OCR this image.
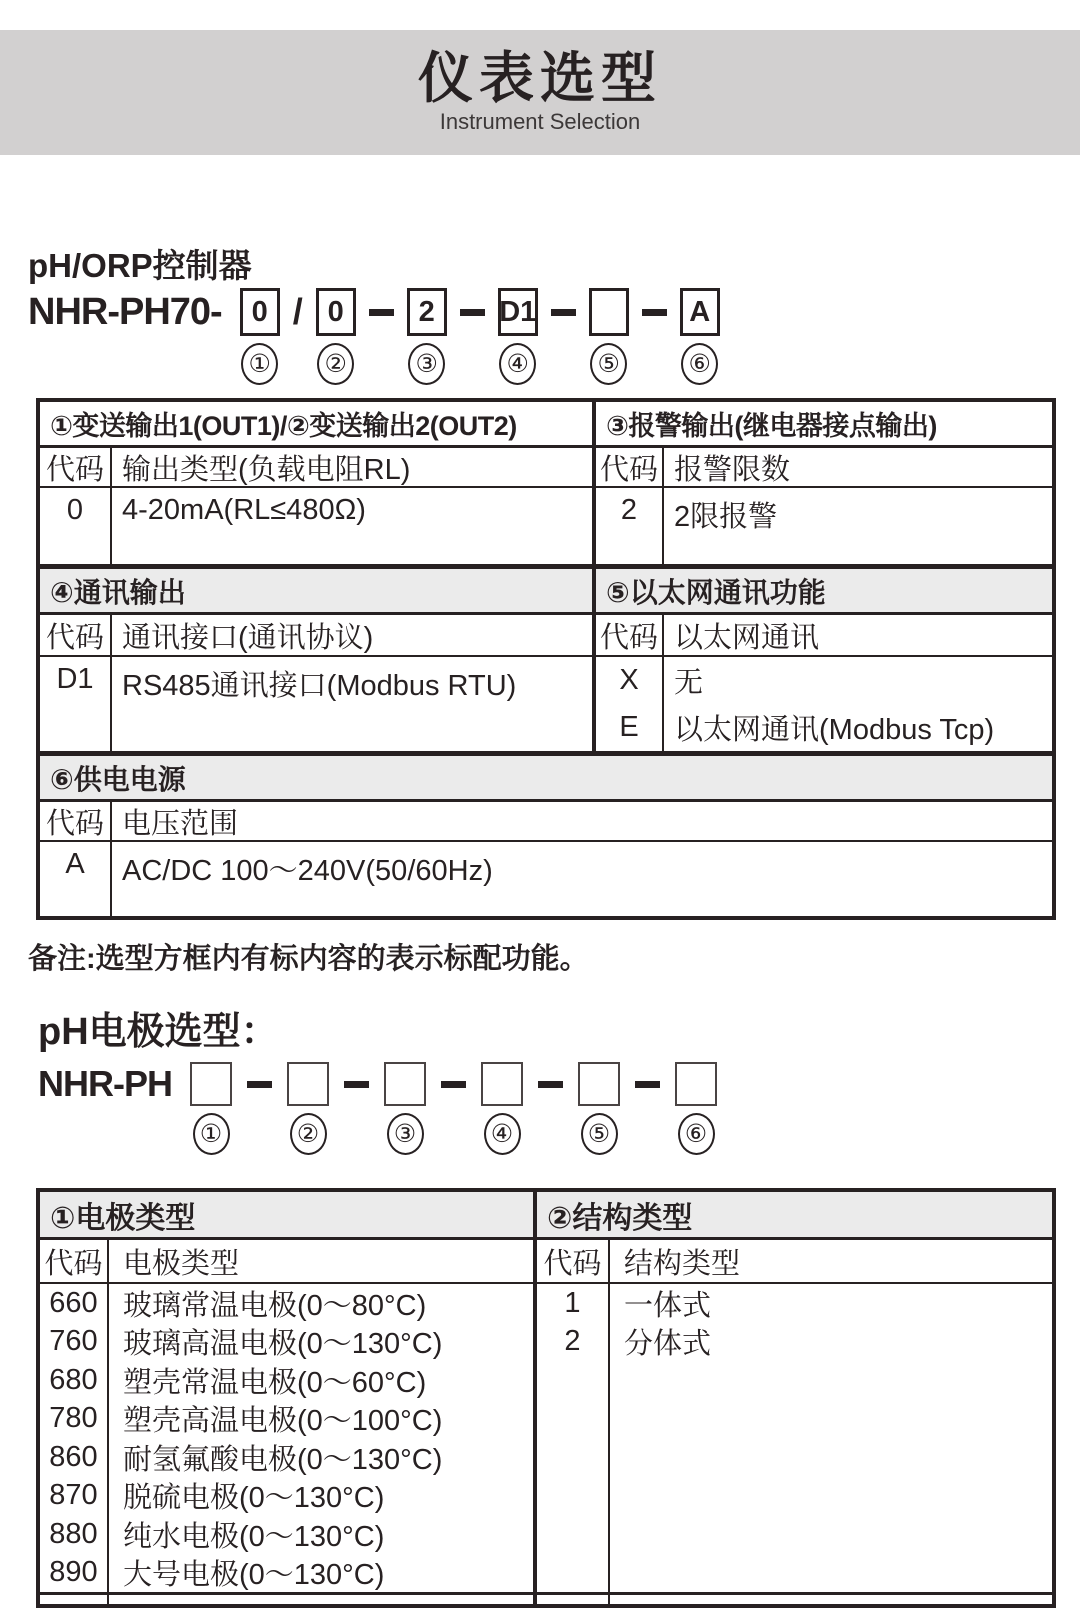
仪表选型
Instrument Selection
pH/ORP控制器
NHR-PH70-	0
①
/ 0
②
2
③
D1
④	⑤
A
⑥
①变送输出1(OUT1)/②变送输出2(OUT2)
代码 输出类型(负载电阻RL)
0	4-20mA(RL≤480Ω)
③报警输出(继电器接点输出)
代码 报警限数
2	2限报警
④通讯输出
代码 通讯接口(通讯协议)
D1 RS485通讯接口(Modbus RTU)
⑤以太网通讯功能
代码 以太网通讯
X	无
E	以太网通讯(Modbus Tcp)
⑥供电电源
代码 电压范围
A	AC/DC 100～240V(50/60Hz)
备注:选型方框内有标内容的表示标配功能。
pH电极选型：
NHR-PH
①	②	③	④	⑤	⑥
①电极类型
代码 电极类型
660 玻璃常温电极(0～80°C)
760 玻璃高温电极(0～130°C)
680 塑壳常温电极(0～60°C)
780 塑壳高温电极(0～100°C)
860 耐氢氟酸电极(0～130°C)
870 脱硫电极(0～130°C)
880 纯水电极(0～130°C)
890 大号电极(0～130°C)
②结构类型
代码 结构类型
1	一体式
2	分体式
